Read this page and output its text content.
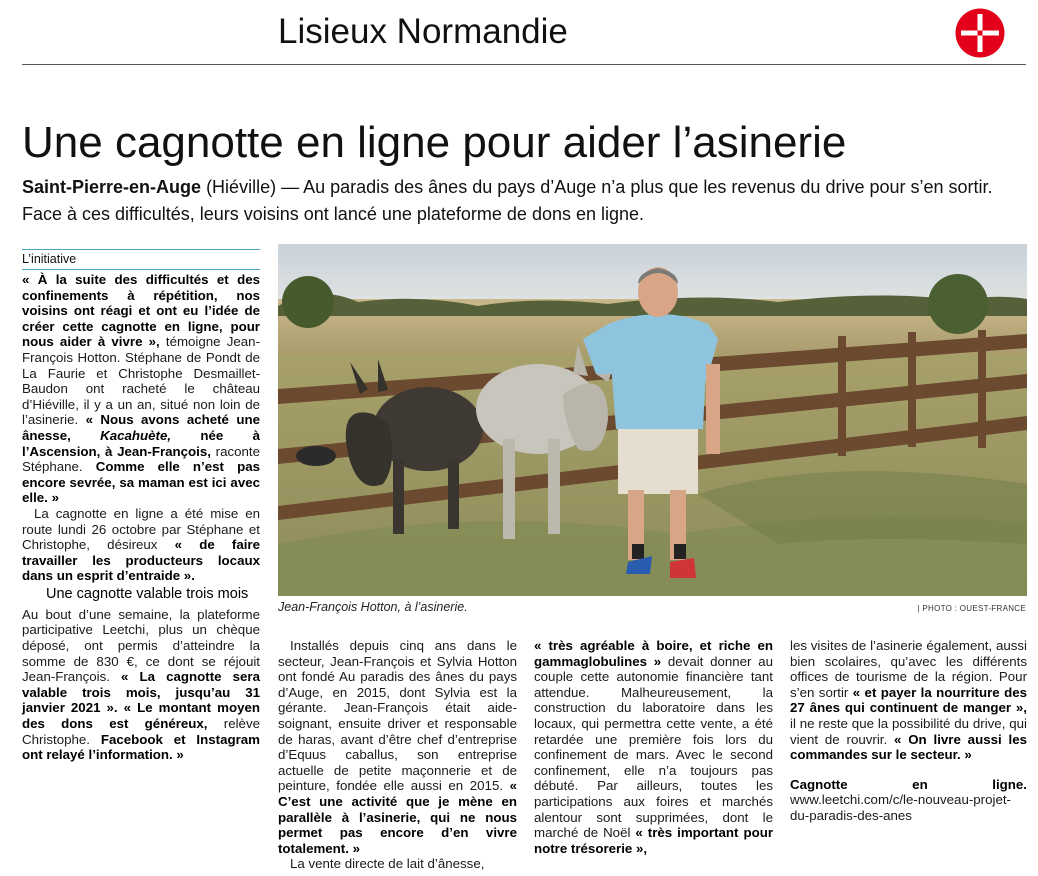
Lisieux Normandie
Une cagnotte en ligne pour aider l’asinerie
Saint-Pierre-en-Auge (Hiéville) — Au paradis des ânes du pays d’Auge n’a plus que les revenus du drive pour s’en sortir. Face à ces difficultés, leurs voisins ont lancé une plateforme de dons en ligne.
L’initiative

« À la suite des difficultés et des confinements à répétition, nos voisins ont réagi et ont eu l’idée de créer cette cagnotte en ligne, pour nous aider à vivre », témoigne Jean-François Hotton. Stéphane de Pondt de La Faurie et Christophe Desmaillet-Baudon ont racheté le château d’Hiéville, il y a un an, situé non loin de l’asinerie. « Nous avons acheté une ânesse, Kacahuète, née à l’Ascension, à Jean-François, raconte Stéphane. Comme elle n’est pas encore sevrée, sa maman est ici avec elle. »

La cagnotte en ligne a été mise en route lundi 26 octobre par Stéphane et Christophe, désireux « de faire travailler les producteurs locaux dans un esprit d’entraide ».

Une cagnotte valable trois mois

Au bout d’une semaine, la plateforme participative Leetchi, plus un chèque déposé, ont permis d’atteindre la somme de 830 €, ce dont se réjouit Jean-François. « La cagnotte sera valable trois mois, jusqu’au 31 janvier 2021 ». « Le montant moyen des dons est généreux, relève Christophe. Facebook et Instagram ont relayé l’information. »

Installés depuis cinq ans dans le secteur, Jean-François et Sylvia Hotton ont fondé Au paradis des ânes du pays d’Auge, en 2015, dont Sylvia est la gérante. Jean-François était aide-soignant, ensuite driver et responsable de haras, avant d’être chef d’entreprise d’Equus caballus, son entreprise actuelle de petite maçonnerie et de peinture, fondée elle aussi en 2015. « C’est une activité que je mène en parallèle à l’asinerie, qui ne nous permet pas encore d’en vivre totalement. »

La vente directe de lait d’ânesse,

« très agréable à boire, et riche en gammaglobulines » devait donner au couple cette autonomie financière tant attendue. Malheureusement, la construction du laboratoire dans les locaux, qui permettra cette vente, a été retardée une première fois lors du confinement de mars. Avec le second confinement, elle n’a toujours pas débuté. Par ailleurs, toutes les participations aux foires et marchés alentour sont supprimées, dont le marché de Noël « très important pour notre trésorerie »,

les visites de l’asinerie également, aussi bien scolaires, qu’avec les différents offices de tourisme de la région. Pour s’en sortir « et payer la nourriture des 27 ânes qui continuent de manger », il ne reste que la possibilité du drive, qui vient de rouvrir. « On livre aussi les commandes sur le secteur. »

Cagnotte en ligne. www.leetchi.com/c/le-nouveau-projet-du-paradis-des-anes

Jean-François Hotton, à l’asinerie.	| PHOTO : OUEST-FRANCE
